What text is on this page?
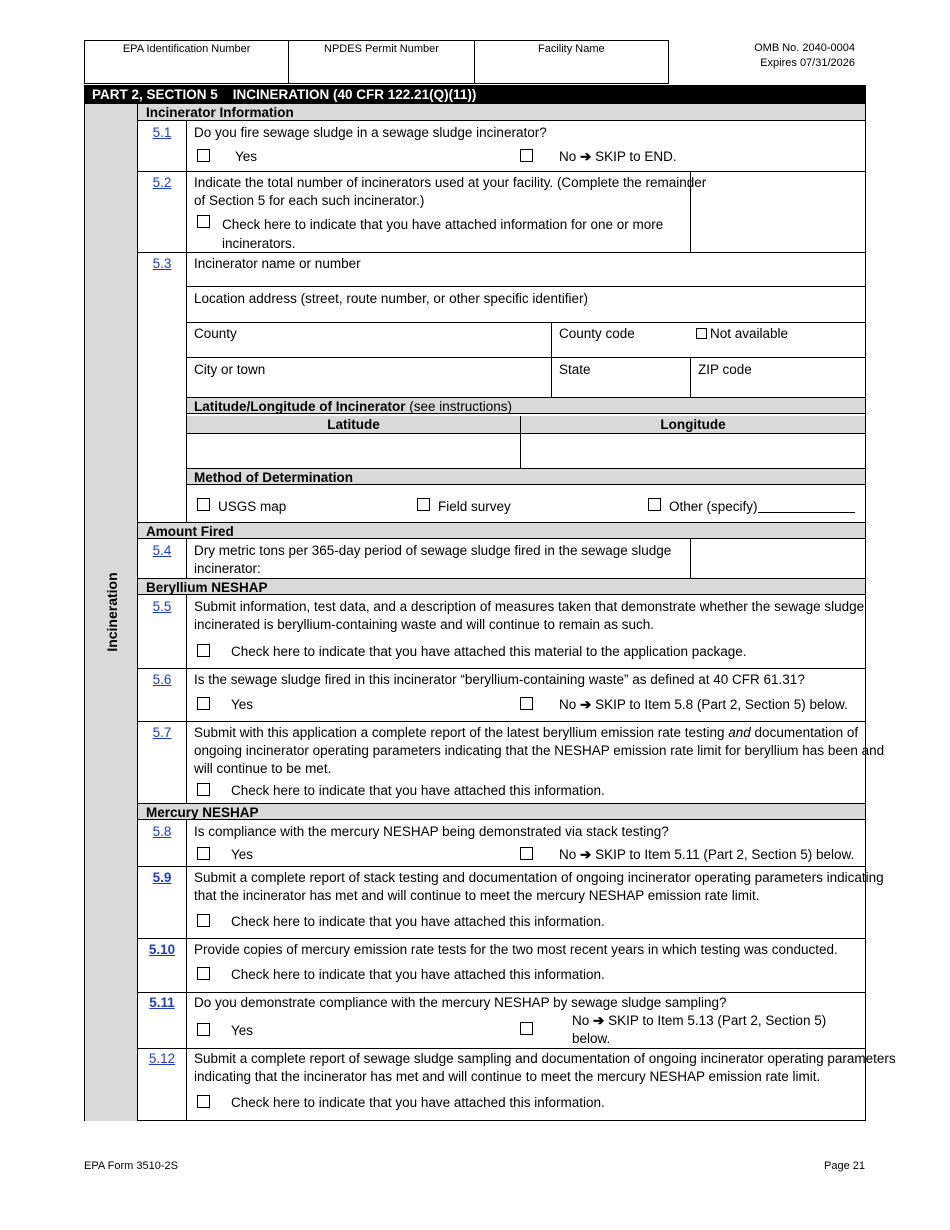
EPA Identification Number	NPDES Permit Number	Facility Name	OMB No. 2040-0004
Expires 07/31/2026
PART 2, SECTION 5    INCINERATION (40 CFR 122.21(Q)(11))
Incineration
Incinerator Information
Amount Fired
Beryllium NESHAP
Mercury NESHAP
5.1	Do you fire sewage sludge in a sewage sludge incinerator?
Yes	No ➔ SKIP to END.
5.2	Indicate the total number of incinerators used at your facility. (Complete the remainder
of Section 5 for each such incinerator.)
Check here to indicate that you have attached information for one or more
incinerators.
5.3	Incinerator name or number
Location address (street, route number, or other specific identifier)
County	County code	Not available
City or town	State	ZIP code
Latitude/Longitude of Incinerator (see instructions)
Latitude	Longitude
Method of Determination
USGS map	Field survey	Other (specify)
5.4	Dry metric tons per 365-day period of sewage sludge fired in the sewage sludge
incinerator:
5.5	Submit information, test data, and a description of measures taken that demonstrate whether the sewage sludge
incinerated is beryllium-containing waste and will continue to remain as such.
Check here to indicate that you have attached this material to the application package.
5.6	Is the sewage sludge fired in this incinerator “beryllium-containing waste” as defined at 40 CFR 61.31?
Yes	No ➔ SKIP to Item 5.8 (Part 2, Section 5) below.
5.7	Submit with this application a complete report of the latest beryllium emission rate testing and documentation of
ongoing incinerator operating parameters indicating that the NESHAP emission rate limit for beryllium has been and
will continue to be met.
Check here to indicate that you have attached this information.
5.8	Is compliance with the mercury NESHAP being demonstrated via stack testing?
Yes	No ➔ SKIP to Item 5.11 (Part 2, Section 5) below.
5.9	Submit a complete report of stack testing and documentation of ongoing incinerator operating parameters indicating
that the incinerator has met and will continue to meet the mercury NESHAP emission rate limit.
Check here to indicate that you have attached this information.
5.10	Provide copies of mercury emission rate tests for the two most recent years in which testing was conducted.
Check here to indicate that you have attached this information.
5.11	Do you demonstrate compliance with the mercury NESHAP by sewage sludge sampling?
Yes
No ➔ SKIP to Item 5.13 (Part 2, Section 5)
below.
5.12	Submit a complete report of sewage sludge sampling and documentation of ongoing incinerator operating parameters
indicating that the incinerator has met and will continue to meet the mercury NESHAP emission rate limit.
Check here to indicate that you have attached this information.
EPA Form 3510-2S	Page 21
